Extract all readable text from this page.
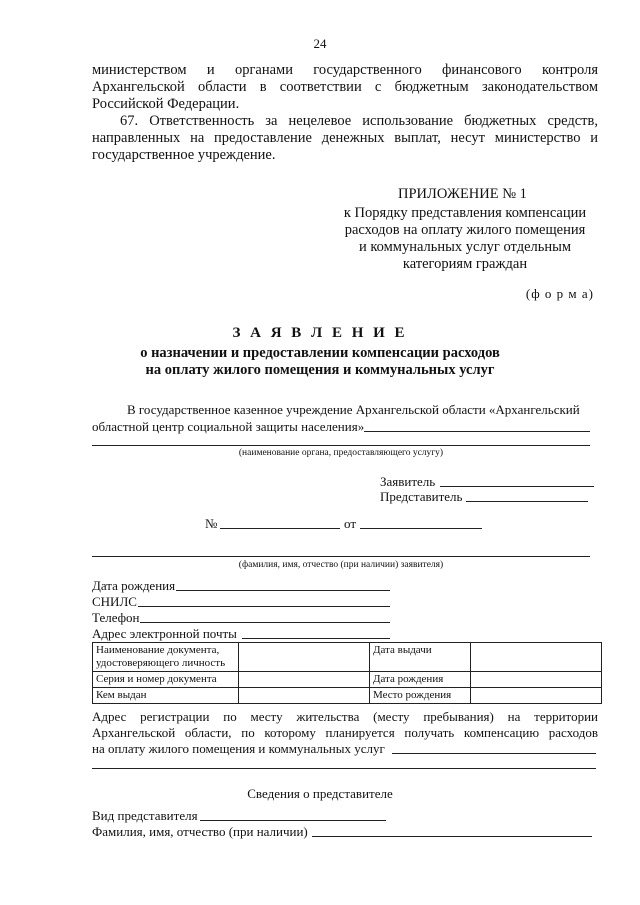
24
министерством и органами государственного финансового контроля Архангельской области в соответствии с бюджетным законодательством Российской Федерации.
67. Ответственность за нецелевое использование бюджетных средств, направленных на предоставление денежных выплат, несут министерство и государственное учреждение.
ПРИЛОЖЕНИЕ № 1
к Порядку представления компенсации
расходов на оплату жилого помещения
и коммунальных услуг отдельным
категориям граждан
(ф о р м а)
З А Я В Л Е Н И Е
о назначении и предоставлении компенсации расходов
на оплату жилого помещения и коммунальных услуг
В государственное казенное учреждение Архангельской области «Архангельский
областной центр социальной защиты населения»
(наименование органа, предоставляющего услугу)
Заявитель
Представитель
№	от
(фамилия, имя, отчество (при наличии) заявителя)
Дата рождения
СНИЛС
Телефон
Адрес электронной почты
Наименование документа, удостоверяющего личность		Дата выдачи	
Серия и номер документа		Дата рождения	
Кем выдан		Место рождения	
Адрес регистрации по месту жительства (месту пребывания) на территории
Архангельской области, по которому планируется получать компенсацию расходов
на оплату жилого помещения и коммунальных услуг
Сведения о представителе
Вид представителя
Фамилия, имя, отчество (при наличии)
